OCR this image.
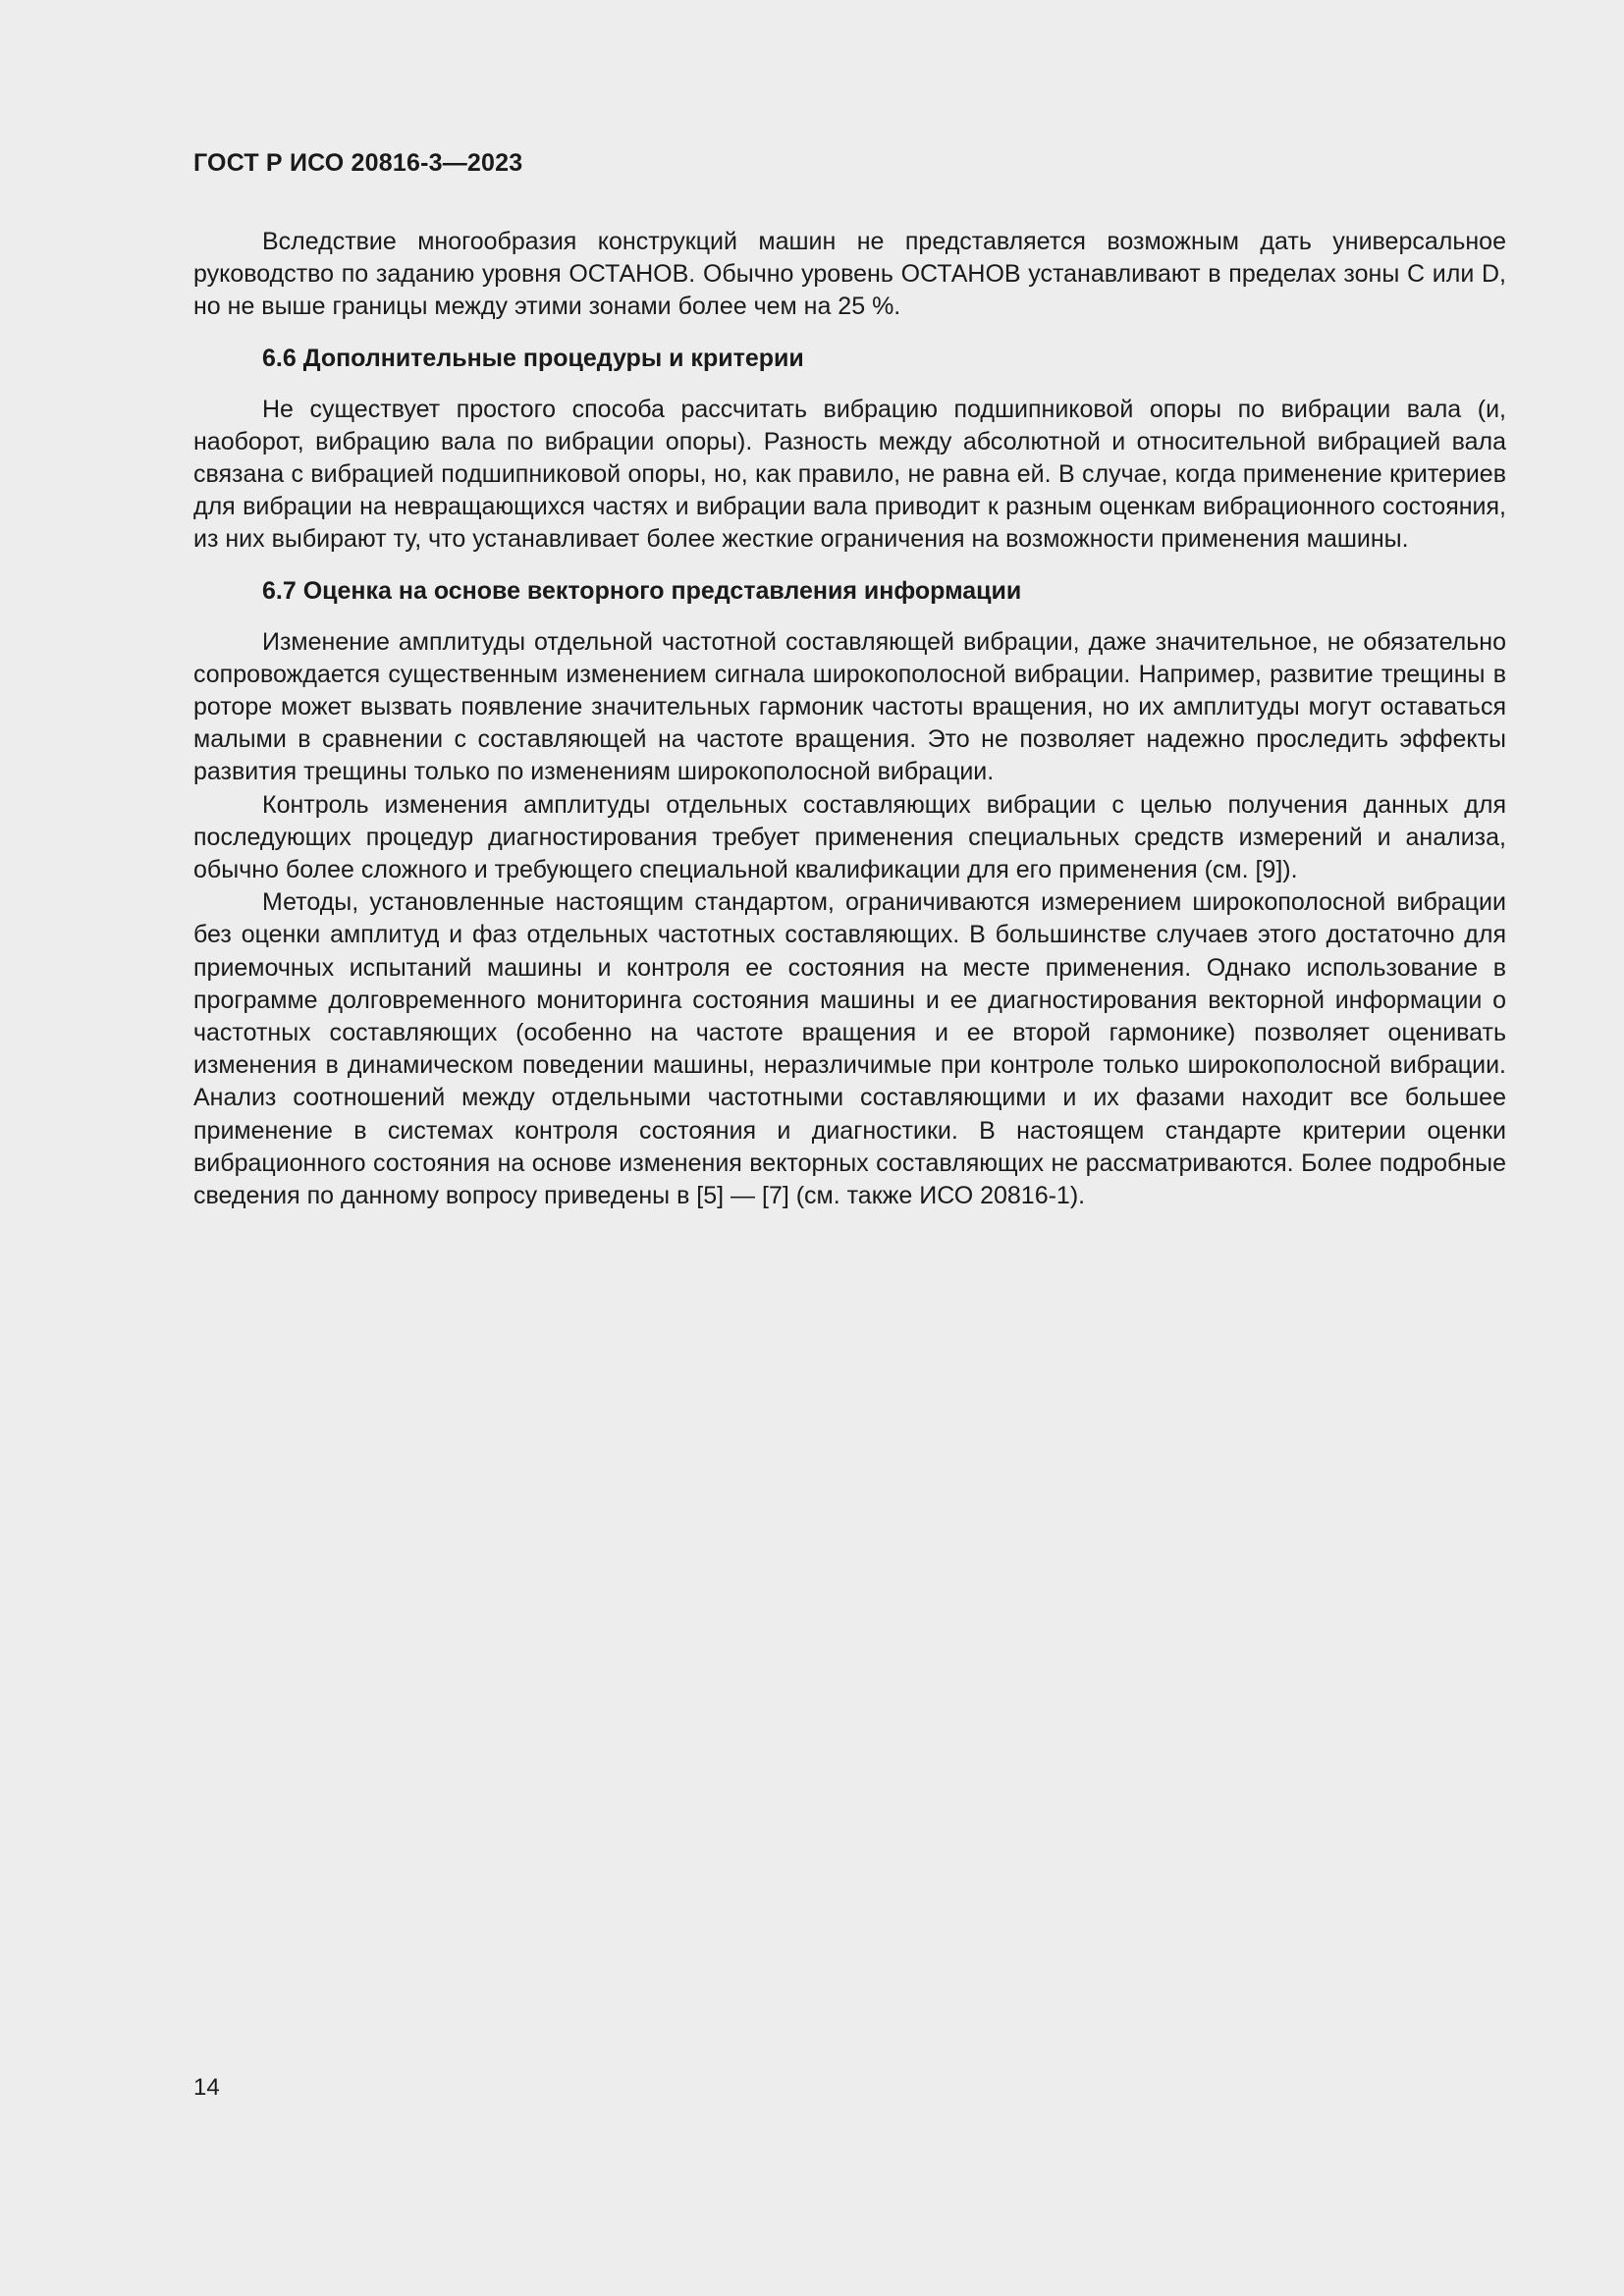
ГОСТ Р ИСО 20816-3—2023

Вследствие многообразия конструкций машин не представляется возможным дать универсальное руководство по заданию уровня ОСТАНОВ. Обычно уровень ОСТАНОВ устанавливают в пределах зоны С или D, но не выше границы между этими зонами более чем на 25 %.

6.6 Дополнительные процедуры и критерии

Не существует простого способа рассчитать вибрацию подшипниковой опоры по вибрации вала (и, наоборот, вибрацию вала по вибрации опоры). Разность между абсолютной и относительной вибрацией вала связана с вибрацией подшипниковой опоры, но, как правило, не равна ей. В случае, когда применение критериев для вибрации на невращающихся частях и вибрации вала приводит к разным оценкам вибрационного состояния, из них выбирают ту, что устанавливает более жесткие ограничения на возможности применения машины.

6.7 Оценка на основе векторного представления информации

Изменение амплитуды отдельной частотной составляющей вибрации, даже значительное, не обязательно сопровождается существенным изменением сигнала широкополосной вибрации. Например, развитие трещины в роторе может вызвать появление значительных гармоник частоты вращения, но их амплитуды могут оставаться малыми в сравнении с составляющей на частоте вращения. Это не позволяет надежно проследить эффекты развития трещины только по изменениям широкополосной вибрации.

Контроль изменения амплитуды отдельных составляющих вибрации с целью получения данных для последующих процедур диагностирования требует применения специальных средств измерений и анализа, обычно более сложного и требующего специальной квалификации для его применения (см. [9]).

Методы, установленные настоящим стандартом, ограничиваются измерением широкополосной вибрации без оценки амплитуд и фаз отдельных частотных составляющих. В большинстве случаев этого достаточно для приемочных испытаний машины и контроля ее состояния на месте применения. Однако использование в программе долговременного мониторинга состояния машины и ее диагностирования векторной информации о частотных составляющих (особенно на частоте вращения и ее второй гармонике) позволяет оценивать изменения в динамическом поведении машины, неразличимые при контроле только широкополосной вибрации. Анализ соотношений между отдельными частотными составляющими и их фазами находит все большее применение в системах контроля состояния и диагностики. В настоящем стандарте критерии оценки вибрационного состояния на основе изменения векторных составляющих не рассматриваются. Более подробные сведения по данному вопросу приведены в [5] — [7] (см. также ИСО 20816-1).

14
